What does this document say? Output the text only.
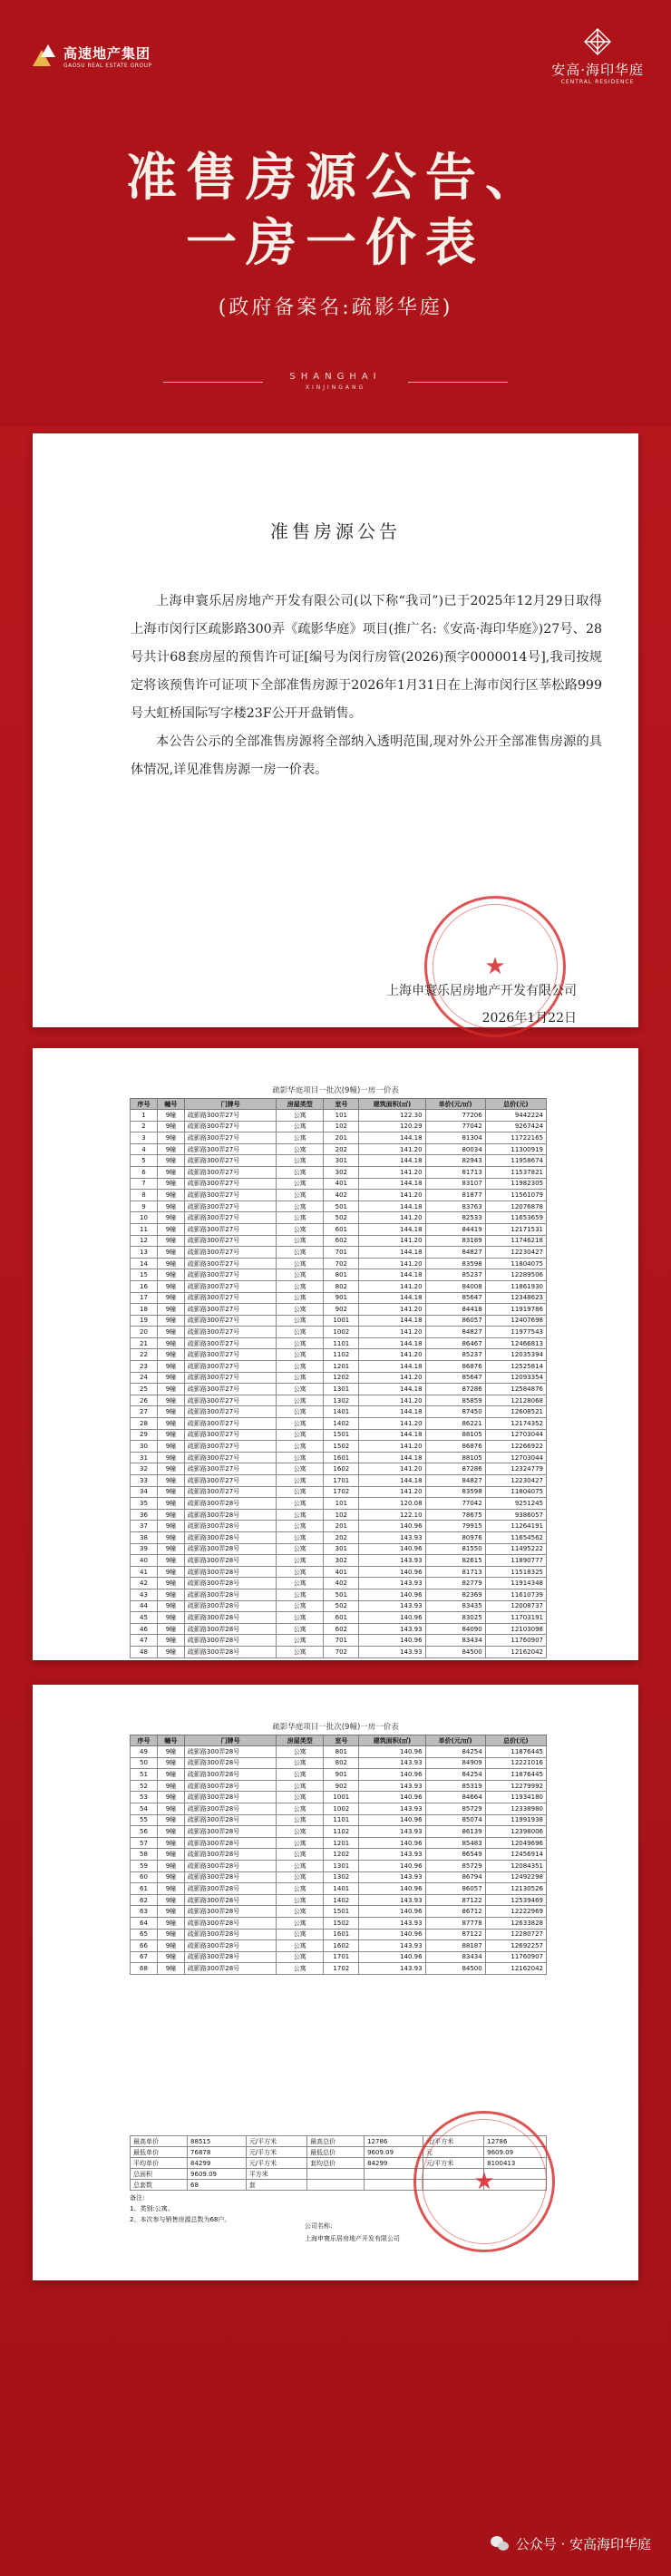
高速地产集团
GAOSU REAL ESTATE GROUP	安高·海印华庭
CENTRAL RESIDENCE
准售房源公告、
一房一价表
(政府备案名:疏影华庭)
SHANGHAI
XINJINGANG
准售房源公告

上海申寰乐居房地产开发有限公司(以下称“我司”)已于2025年12月29日取得上海市闵行区疏影路300弄《疏影华庭》项目(推广名:《安高·海印华庭》)27号、28号共计68套房屋的预售许可证[编号为闵行房管(2026)预字0000014号],我司按规定将该预售许可证项下全部准售房源于2026年1月31日在上海市闵行区莘松路999号大虹桥国际写字楼23F公开开盘销售。

本公告公示的全部准售房源将全部纳入透明范围,现对外公开全部准售房源的具体情况,详见准售房源一房一价表。

★
上海申寰乐居房地产开发有限公司
2026年1月22日
疏影华庭项目一批次(9幢)一房一价表
序号	幢号	门牌号	房屋类型	室号	建筑面积(㎡)	单价(元/㎡)	总价(元)
1	9幢	疏影路300弄27号	公寓	101	122.30	77206	9442224
2	9幢	疏影路300弄27号	公寓	102	120.29	77042	9267424
3	9幢	疏影路300弄27号	公寓	201	144.18	81304	11722165
4	9幢	疏影路300弄27号	公寓	202	141.20	80034	11300919
5	9幢	疏影路300弄27号	公寓	301	144.18	82943	11958674
6	9幢	疏影路300弄27号	公寓	302	141.20	81713	11537821
7	9幢	疏影路300弄27号	公寓	401	144.18	83107	11982305
8	9幢	疏影路300弄27号	公寓	402	141.20	81877	11561079
9	9幢	疏影路300弄27号	公寓	501	144.18	83763	12076878
10	9幢	疏影路300弄27号	公寓	502	141.20	82533	11653659
11	9幢	疏影路300弄27号	公寓	601	144.18	84419	12171531
12	9幢	疏影路300弄27号	公寓	602	141.20	83189	11746218
13	9幢	疏影路300弄27号	公寓	701	144.18	84827	12230427
14	9幢	疏影路300弄27号	公寓	702	141.20	83598	11804075
15	9幢	疏影路300弄27号	公寓	801	144.18	85237	12289506
16	9幢	疏影路300弄27号	公寓	802	141.20	84008	11861930
17	9幢	疏影路300弄27号	公寓	901	144.18	85647	12348623
18	9幢	疏影路300弄27号	公寓	902	141.20	84418	11919786
19	9幢	疏影路300弄27号	公寓	1001	144.18	86057	12407698
20	9幢	疏影路300弄27号	公寓	1002	141.20	84827	11977543
21	9幢	疏影路300弄27号	公寓	1101	144.18	86467	12466813
22	9幢	疏影路300弄27号	公寓	1102	141.20	85237	12035394
23	9幢	疏影路300弄27号	公寓	1201	144.18	86876	12525814
24	9幢	疏影路300弄27号	公寓	1202	141.20	85647	12093354
25	9幢	疏影路300弄27号	公寓	1301	144.18	87286	12584876
26	9幢	疏影路300弄27号	公寓	1302	141.20	85859	12128068
27	9幢	疏影路300弄27号	公寓	1401	144.18	87450	12608521
28	9幢	疏影路300弄27号	公寓	1402	141.20	86221	12174352
29	9幢	疏影路300弄27号	公寓	1501	144.18	88105	12703044
30	9幢	疏影路300弄27号	公寓	1502	141.20	86876	12266922
31	9幢	疏影路300弄27号	公寓	1601	144.18	88105	12703044
32	9幢	疏影路300弄27号	公寓	1602	141.20	87286	12324779
33	9幢	疏影路300弄27号	公寓	1701	144.18	84827	12230427
34	9幢	疏影路300弄27号	公寓	1702	141.20	83598	11804075
35	9幢	疏影路300弄28号	公寓	101	120.08	77042	9251245
36	9幢	疏影路300弄28号	公寓	102	122.10	78675	9386057
37	9幢	疏影路300弄28号	公寓	201	140.96	79915	11264191
38	9幢	疏影路300弄28号	公寓	202	143.93	80976	11654562
39	9幢	疏影路300弄28号	公寓	301	140.96	81550	11495222
40	9幢	疏影路300弄28号	公寓	302	143.93	82615	11890777
41	9幢	疏影路300弄28号	公寓	401	140.96	81713	11518325
42	9幢	疏影路300弄28号	公寓	402	143.93	82779	11914348
43	9幢	疏影路300弄28号	公寓	501	140.96	82369	11610739
44	9幢	疏影路300弄28号	公寓	502	143.93	83435	12008737
45	9幢	疏影路300弄28号	公寓	601	140.96	83025	11703191
46	9幢	疏影路300弄28号	公寓	602	143.93	84090	12103098
47	9幢	疏影路300弄28号	公寓	701	140.96	83434	11760907
48	9幢	疏影路300弄28号	公寓	702	143.93	84500	12162042
疏影华庭项目一批次(9幢)一房一价表
序号	幢号	门牌号	房屋类型	室号	建筑面积(㎡)	单价(元/㎡)	总价(元)
49	9幢	疏影路300弄28号	公寓	801	140.96	84254	11876445
50	9幢	疏影路300弄28号	公寓	802	143.93	84909	12221016
51	9幢	疏影路300弄28号	公寓	901	140.96	84254	11876445
52	9幢	疏影路300弄28号	公寓	902	143.93	85319	12279992
53	9幢	疏影路300弄28号	公寓	1001	140.96	84664	11934180
54	9幢	疏影路300弄28号	公寓	1002	143.93	85729	12338980
55	9幢	疏影路300弄28号	公寓	1101	140.96	85074	11991938
56	9幢	疏影路300弄28号	公寓	1102	143.93	86139	12398006
57	9幢	疏影路300弄28号	公寓	1201	140.96	85483	12049696
58	9幢	疏影路300弄28号	公寓	1202	143.93	86549	12456914
59	9幢	疏影路300弄28号	公寓	1301	140.96	85729	12084351
60	9幢	疏影路300弄28号	公寓	1302	143.93	86794	12492298
61	9幢	疏影路300弄28号	公寓	1401	140.96	86057	12130526
62	9幢	疏影路300弄28号	公寓	1402	143.93	87122	12539469
63	9幢	疏影路300弄28号	公寓	1501	140.96	86712	12222969
64	9幢	疏影路300弄28号	公寓	1502	143.93	87778	12633828
65	9幢	疏影路300弄28号	公寓	1601	140.96	87122	12280727
66	9幢	疏影路300弄28号	公寓	1602	143.93	88187	12692257
67	9幢	疏影路300弄28号	公寓	1701	140.96	83434	11760907
68	9幢	疏影路300弄28号	公寓	1702	143.93	84500	12162042
最高单价	88515	元/平方米	最高总价	12786	元/平方米	12786
最低单价	76878	元/平方米	最低总价	9609.09	元	9609.09
平均单价	84299	元/平方米	套均总价	84299	元/平方米	8100413
总面积	9609.09	平方米				
总套数	68	套					★
备注:
1、类别:公寓。
2、本次参与销售房源总数为68户。
公司名称:
上海申寰乐居房地产开发有限公司
公众号 · 安高海印华庭
